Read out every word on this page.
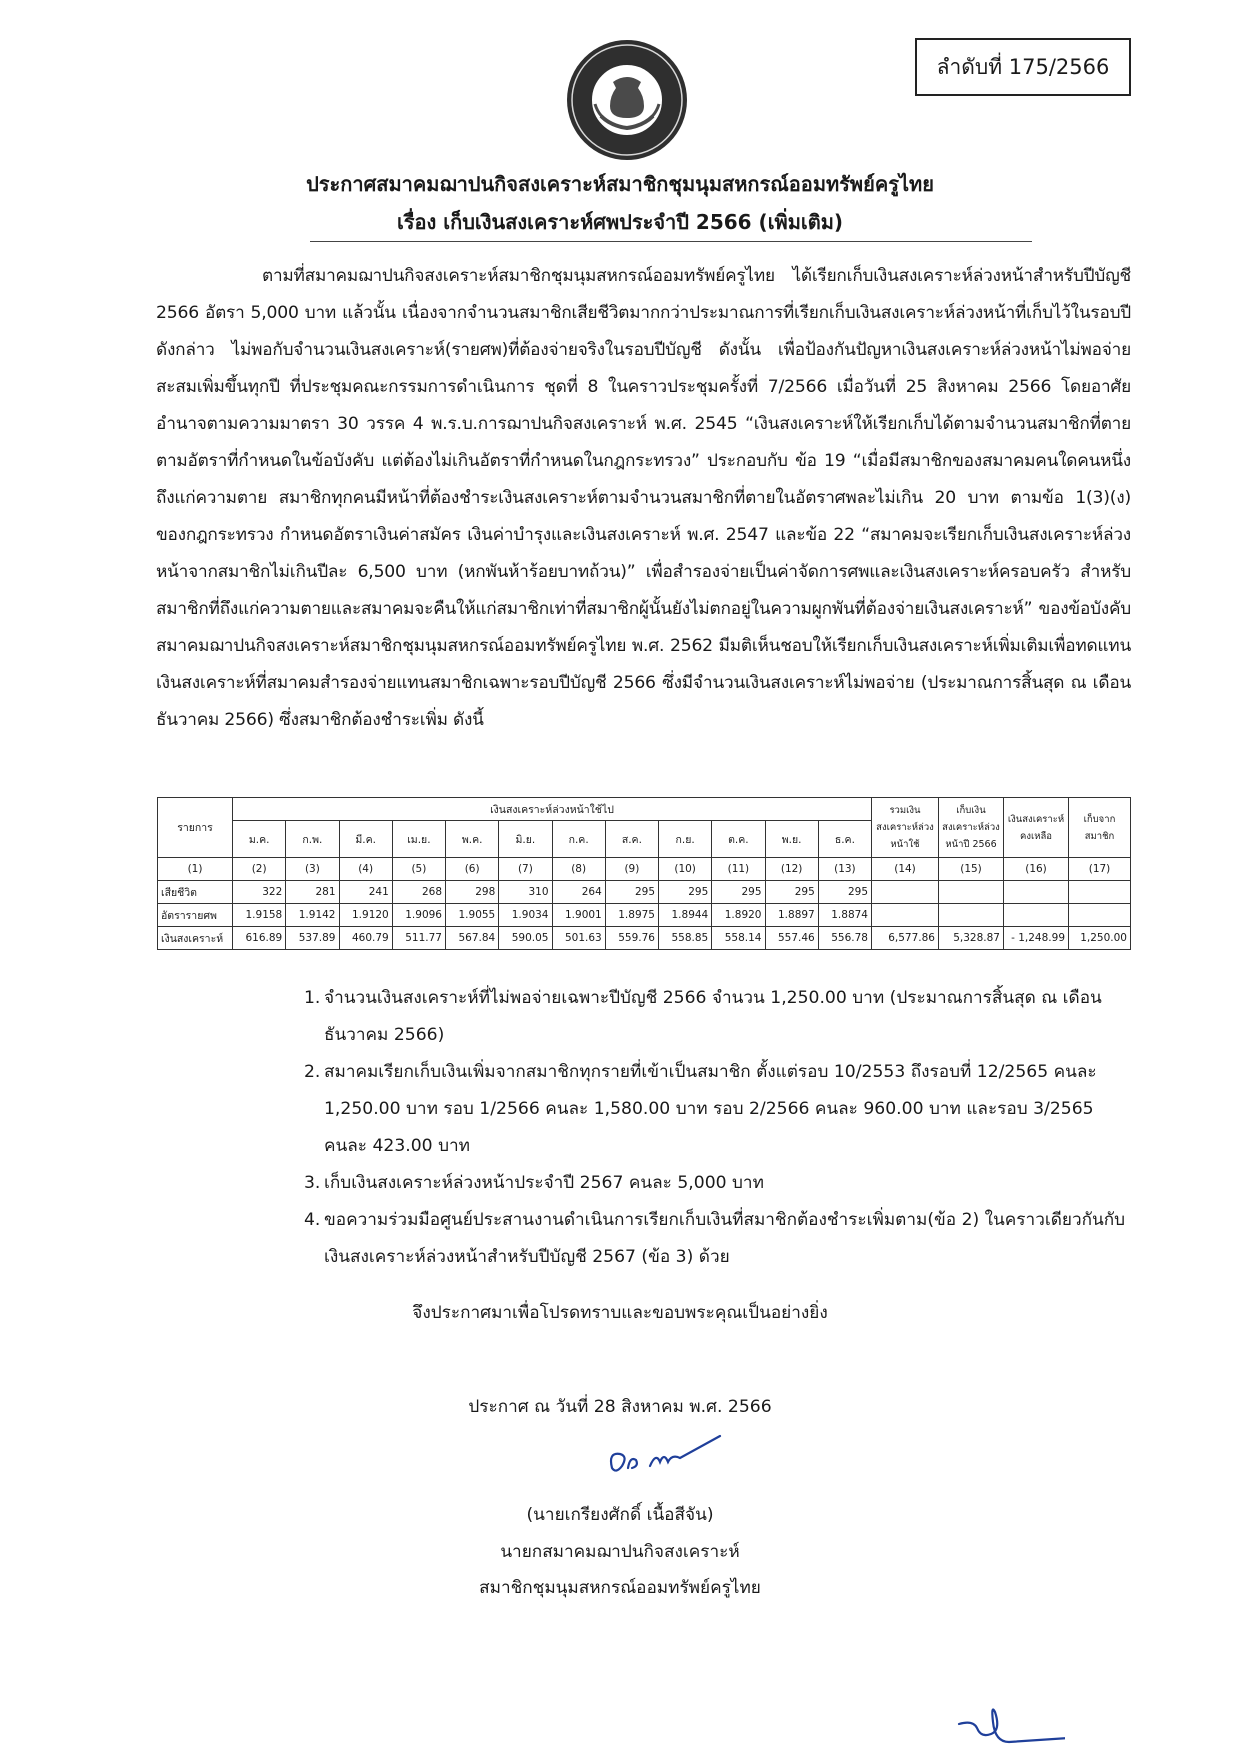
ลำดับที่ 175/2566
ประกาศสมาคมฌาปนกิจสงเคราะห์สมาชิกชุมนุมสหกรณ์ออมทรัพย์ครูไทย
เรื่อง เก็บเงินสงเคราะห์ศพประจำปี 2566 (เพิ่มเติม)
ตามที่สมาคมฌาปนกิจสงเคราะห์สมาชิกชุมนุมสหกรณ์ออมทรัพย์ครูไทย ได้เรียกเก็บเงินสงเคราะห์ล่วงหน้าสำหรับปีบัญชี 2566 อัตรา 5,000 บาท แล้วนั้น เนื่องจากจำนวนสมาชิกเสียชีวิตมากกว่าประมาณการที่เรียกเก็บเงินสงเคราะห์ล่วงหน้าที่เก็บไว้ในรอบปีดังกล่าว ไม่พอกับจำนวนเงินสงเคราะห์(รายศพ)ที่ต้องจ่ายจริงในรอบปีบัญชี ดังนั้น เพื่อป้องกันปัญหาเงินสงเคราะห์ล่วงหน้าไม่พอจ่ายสะสมเพิ่มขึ้นทุกปี ที่ประชุมคณะกรรมการดำเนินการ ชุดที่ 8 ในคราวประชุมครั้งที่ 7/2566 เมื่อวันที่ 25 สิงหาคม 2566 โดยอาศัยอำนาจตามความมาตรา 30 วรรค 4 พ.ร.บ.การฌาปนกิจสงเคราะห์ พ.ศ. 2545 “เงินสงเคราะห์ให้เรียกเก็บได้ตามจำนวนสมาชิกที่ตายตามอัตราที่กำหนดในข้อบังคับ แต่ต้องไม่เกินอัตราที่กำหนดในกฎกระทรวง” ประกอบกับ ข้อ 19 “เมื่อมีสมาชิกของสมาคมคนใดคนหนึ่งถึงแก่ความตาย สมาชิกทุกคนมีหน้าที่ต้องชำระเงินสงเคราะห์ตามจำนวนสมาชิกที่ตายในอัตราศพละไม่เกิน 20 บาท ตามข้อ 1(3)(ง) ของกฎกระทรวง กำหนดอัตราเงินค่าสมัคร เงินค่าบำรุงและเงินสงเคราะห์ พ.ศ. 2547 และข้อ 22 “สมาคมจะเรียกเก็บเงินสงเคราะห์ล่วงหน้าจากสมาชิกไม่เกินปีละ 6,500 บาท (หกพันห้าร้อยบาทถ้วน)” เพื่อสำรองจ่ายเป็นค่าจัดการศพและเงินสงเคราะห์ครอบครัว สำหรับสมาชิกที่ถึงแก่ความตายและสมาคมจะคืนให้แก่สมาชิกเท่าที่สมาชิกผู้นั้นยังไม่ตกอยู่ในความผูกพันที่ต้องจ่ายเงินสงเคราะห์” ของข้อบังคับสมาคมฌาปนกิจสงเคราะห์สมาชิกชุมนุมสหกรณ์ออมทรัพย์ครูไทย พ.ศ. 2562 มีมติเห็นชอบให้เรียกเก็บเงินสงเคราะห์เพิ่มเติมเพื่อทดแทนเงินสงเคราะห์ที่สมาคมสำรองจ่ายแทนสมาชิกเฉพาะรอบปีบัญชี 2566 ซึ่งมีจำนวนเงินสงเคราะห์ไม่พอจ่าย (ประมาณการสิ้นสุด ณ เดือนธันวาคม 2566) ซึ่งสมาชิกต้องชำระเพิ่ม ดังนี้
รายการ	เงินสงเคราะห์ล่วงหน้าใช้ไป												รวมเงินสงเคราะห์ล่วงหน้าใช้	เก็บเงินสงเคราะห์ล่วงหน้าปี 2566	เงินสงเคราะห์คงเหลือ	เก็บจากสมาชิก
	ม.ค.	ก.พ.	มี.ค.	เม.ย.	พ.ค.	มิ.ย.	ก.ค.	ส.ค.	ก.ย.	ต.ค.	พ.ย.	ธ.ค.				
(1)	(2)	(3)	(4)	(5)	(6)	(7)	(8)	(9)	(10)	(11)	(12)	(13)	(14)	(15)	(16)	(17)
เสียชีวิต	322	281	241	268	298	310	264	295	295	295	295	295				
อัตรารายศพ	1.9158	1.9142	1.9120	1.9096	1.9055	1.9034	1.9001	1.8975	1.8944	1.8920	1.8897	1.8874				
เงินสงเคราะห์	616.89	537.89	460.79	511.77	567.84	590.05	501.63	559.76	558.85	558.14	557.46	556.78	6,577.86	5,328.87	- 1,248.99	1,250.00
1. จำนวนเงินสงเคราะห์ที่ไม่พอจ่ายเฉพาะปีบัญชี 2566 จำนวน 1,250.00 บาท (ประมาณการสิ้นสุด ณ เดือนธันวาคม 2566)
2. สมาคมเรียกเก็บเงินเพิ่มจากสมาชิกทุกรายที่เข้าเป็นสมาชิก ตั้งแต่รอบ 10/2553 ถึงรอบที่ 12/2565 คนละ 1,250.00 บาท รอบ 1/2566 คนละ 1,580.00 บาท รอบ 2/2566 คนละ 960.00 บาท และรอบ 3/2565 คนละ 423.00 บาท
3. เก็บเงินสงเคราะห์ล่วงหน้าประจำปี 2567 คนละ 5,000 บาท
4. ขอความร่วมมือศูนย์ประสานงานดำเนินการเรียกเก็บเงินที่สมาชิกต้องชำระเพิ่มตาม(ข้อ 2) ในคราวเดียวกันกับเงินสงเคราะห์ล่วงหน้าสำหรับปีบัญชี 2567 (ข้อ 3) ด้วย
จึงประกาศมาเพื่อโปรดทราบและขอบพระคุณเป็นอย่างยิ่ง
ประกาศ ณ วันที่ 28 สิงหาคม พ.ศ. 2566
(นายเกรียงศักดิ์ เนื้อสีจัน)
นายกสมาคมฌาปนกิจสงเคราะห์
สมาชิกชุมนุมสหกรณ์ออมทรัพย์ครูไทย
